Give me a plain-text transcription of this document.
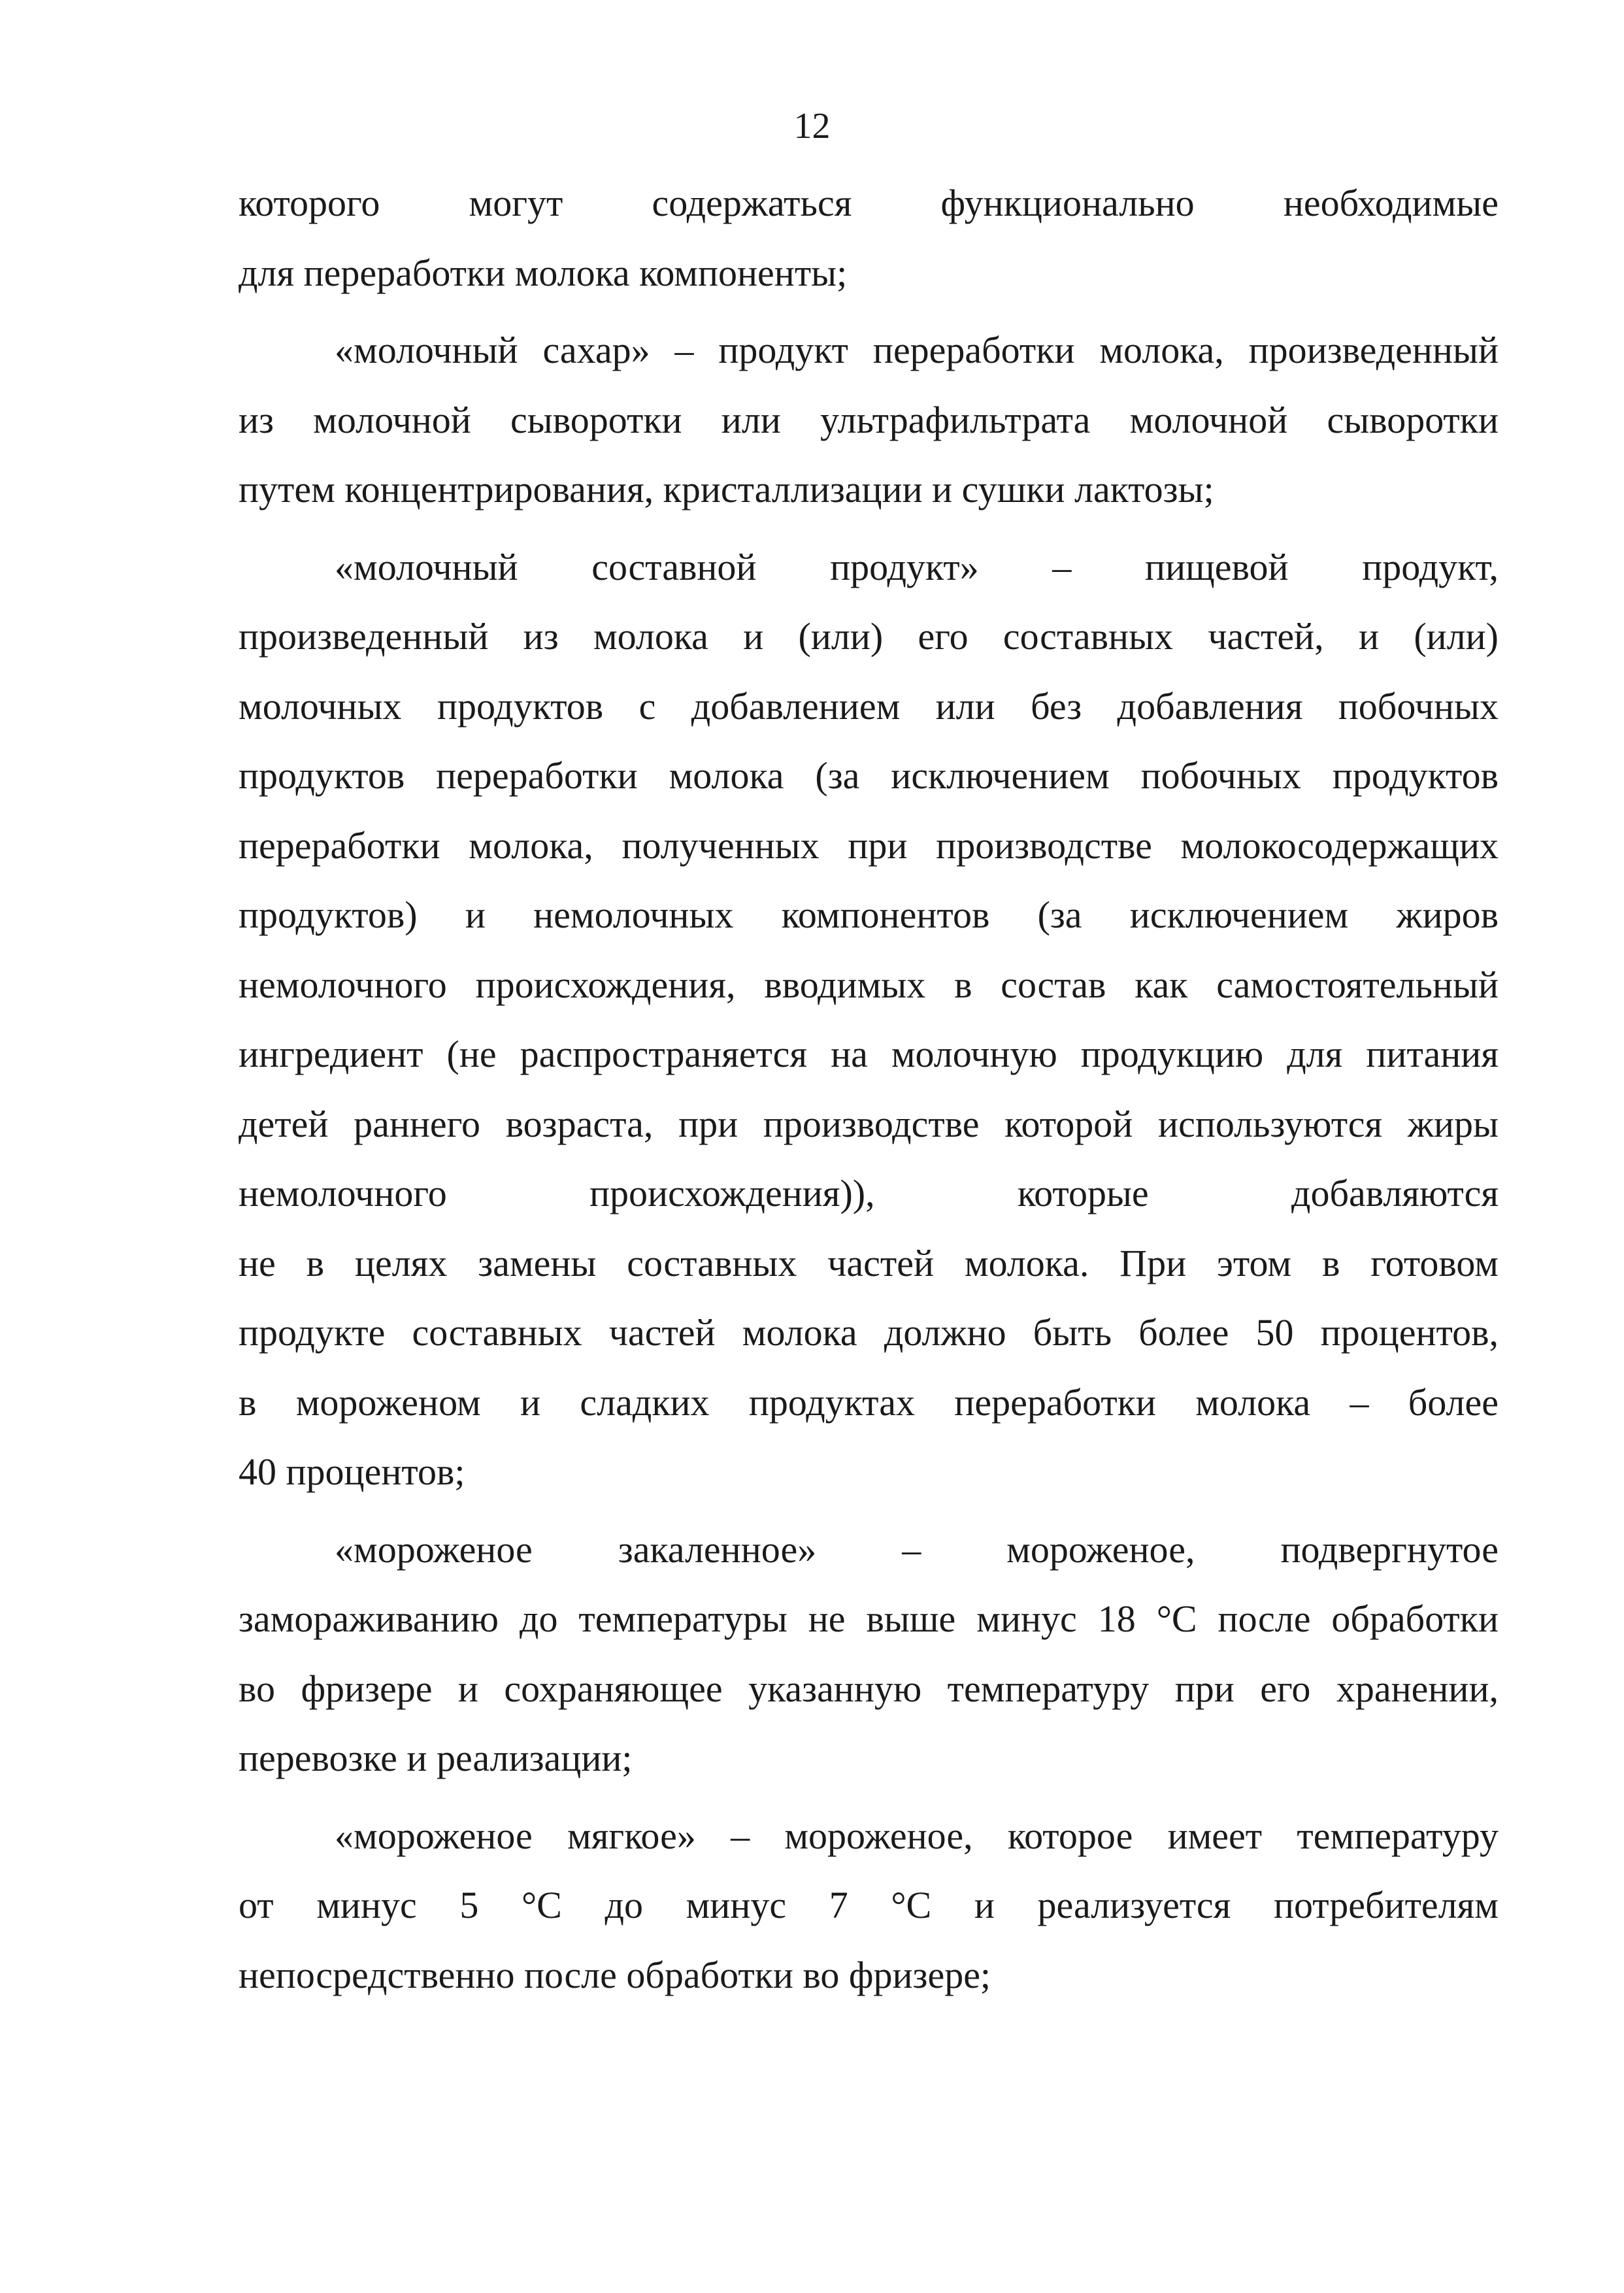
12
которого могут содержаться функционально необходимые
для переработки молока компоненты;
«молочный сахар» – продукт переработки молока, произведенный
из молочной сыворотки или ультрафильтрата молочной сыворотки
путем концентрирования, кристаллизации и сушки лактозы;
«молочный составной продукт» – пищевой продукт,
произведенный из молока и (или) его составных частей, и (или)
молочных продуктов с добавлением или без добавления побочных
продуктов переработки молока (за исключением побочных продуктов
переработки молока, полученных при производстве молокосодержащих
продуктов) и немолочных компонентов (за исключением жиров
немолочного происхождения, вводимых в состав как самостоятельный
ингредиент (не распространяется на молочную продукцию для питания
детей раннего возраста, при производстве которой используются жиры
немолочного происхождения)), которые добавляются
не в целях замены составных частей молока. При этом в готовом
продукте составных частей молока должно быть более 50 процентов,
в мороженом и сладких продуктах переработки молока – более
40 процентов;
«мороженое закаленное» – мороженое, подвергнутое
замораживанию до температуры не выше минус 18 °С после обработки
во фризере и сохраняющее указанную температуру при его хранении,
перевозке и реализации;
«мороженое мягкое» – мороженое, которое имеет температуру
от минус 5 °С до минус 7 °С и реализуется потребителям
непосредственно после обработки во фризере;
